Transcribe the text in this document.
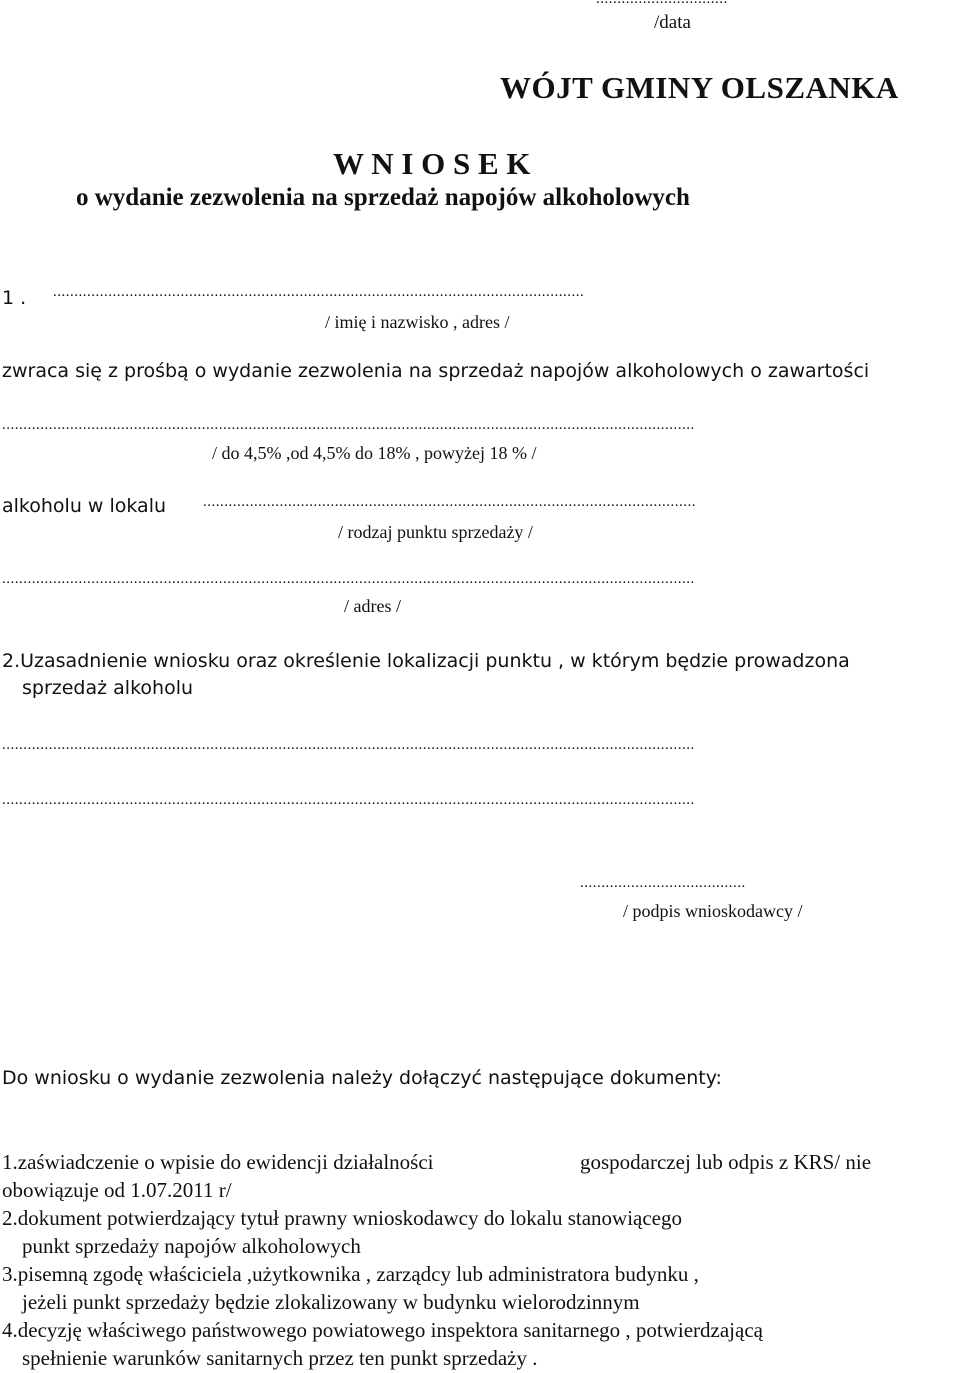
/data
WÓJT GMINY OLSZANKA
W N I O S E K
o wydanie zezwolenia na sprzedaż napojów alkoholowych
1 . .............................................................................................................................
/ imię i nazwisko , adres /
zwraca się z prośbą o wydanie zezwolenia na sprzedaż napojów alkoholowych o zawartości
...................................................................................................................................................................
/ do 4,5% ,od 4,5% do 18% , powyżej 18 % /
alkoholu w lokalu ....................................................................................................................
/ rodzaj punktu sprzedaży /
...................................................................................................................................................................
/ adres /
2.Uzasadnienie wniosku oraz określenie lokalizacji punktu , w którym będzie prowadzona
sprzedaż alkoholu
...................................................................................................................................................................
...................................................................................................................................................................
.......................................
/ podpis wnioskodawcy /
Do wniosku o wydanie zezwolenia należy dołączyć następujące dokumenty:
1.zaświadczenie o wpisie do ewidencji działalności	gospodarczej lub odpis z KRS/ nie
obowiązuje od 1.07.2011 r/
2.dokument potwierdzający tytuł prawny wnioskodawcy do lokalu stanowiącego
punkt sprzedaży napojów alkoholowych
3.pisemną zgodę właściciela ,użytkownika , zarządcy lub administratora budynku ,
jeżeli punkt sprzedaży będzie zlokalizowany w budynku wielorodzinnym
4.decyzję właściwego państwowego powiatowego inspektora sanitarnego , potwierdzającą
spełnienie warunków sanitarnych przez ten punkt sprzedaży .
